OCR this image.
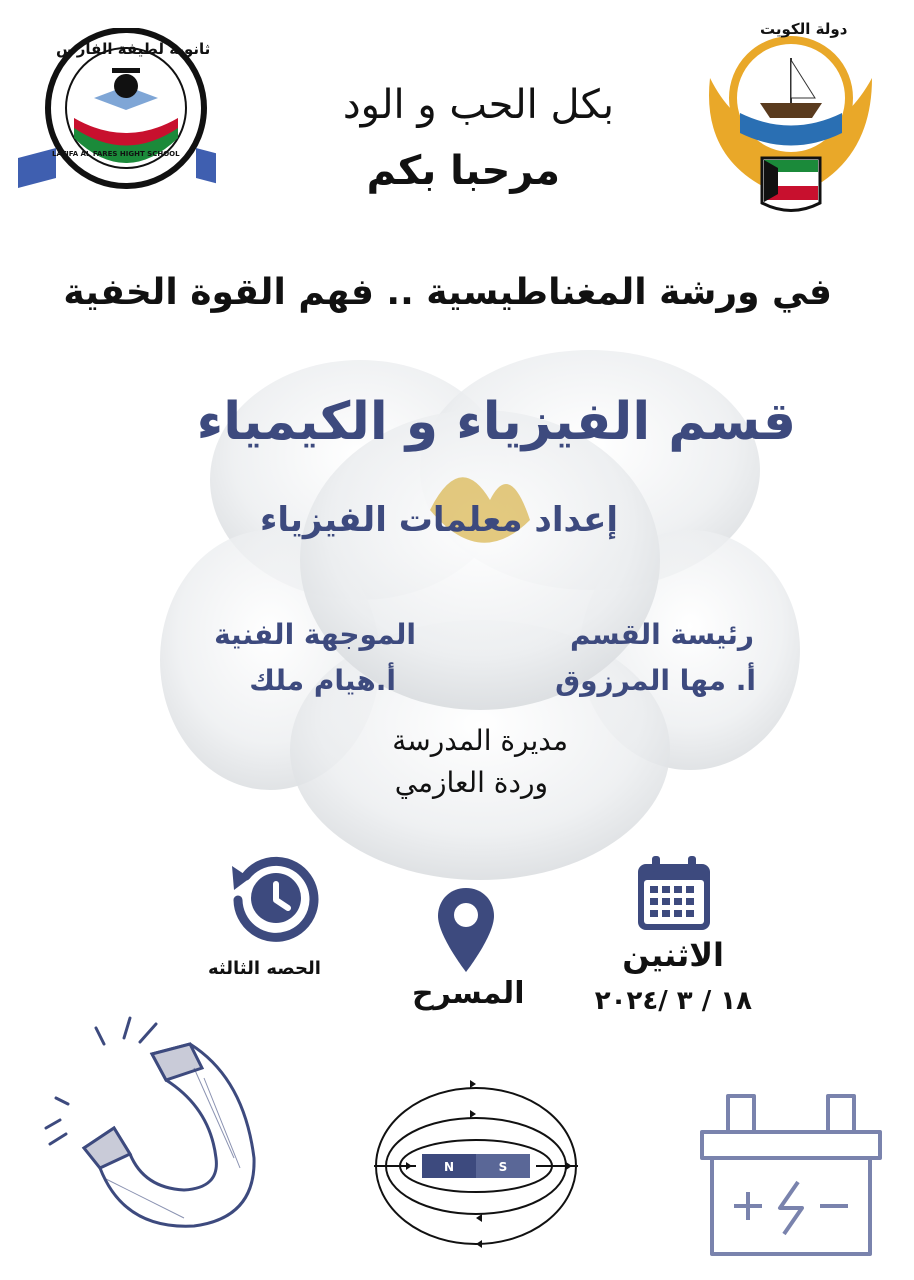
ثانوية لطيفة الفارس
LATIFA AL FARES HIGHT SCHOOL
دولة الكويت
بكل الحب و الود
مرحبا بكم
في ورشة المغناطيسية .. فهم القوة الخفية
قسم الفيزياء و الكيمياء
إعداد معلمات الفيزياء
رئيسة القسم
أ. مها المرزوق
الموجهة الفنية
أ.هيام ملك
مديرة المدرسة
وردة العازمي
الحصه الثالثه
المسرح
الاثنين
١٨ / ٣ /٢٠٢٤
N	S
